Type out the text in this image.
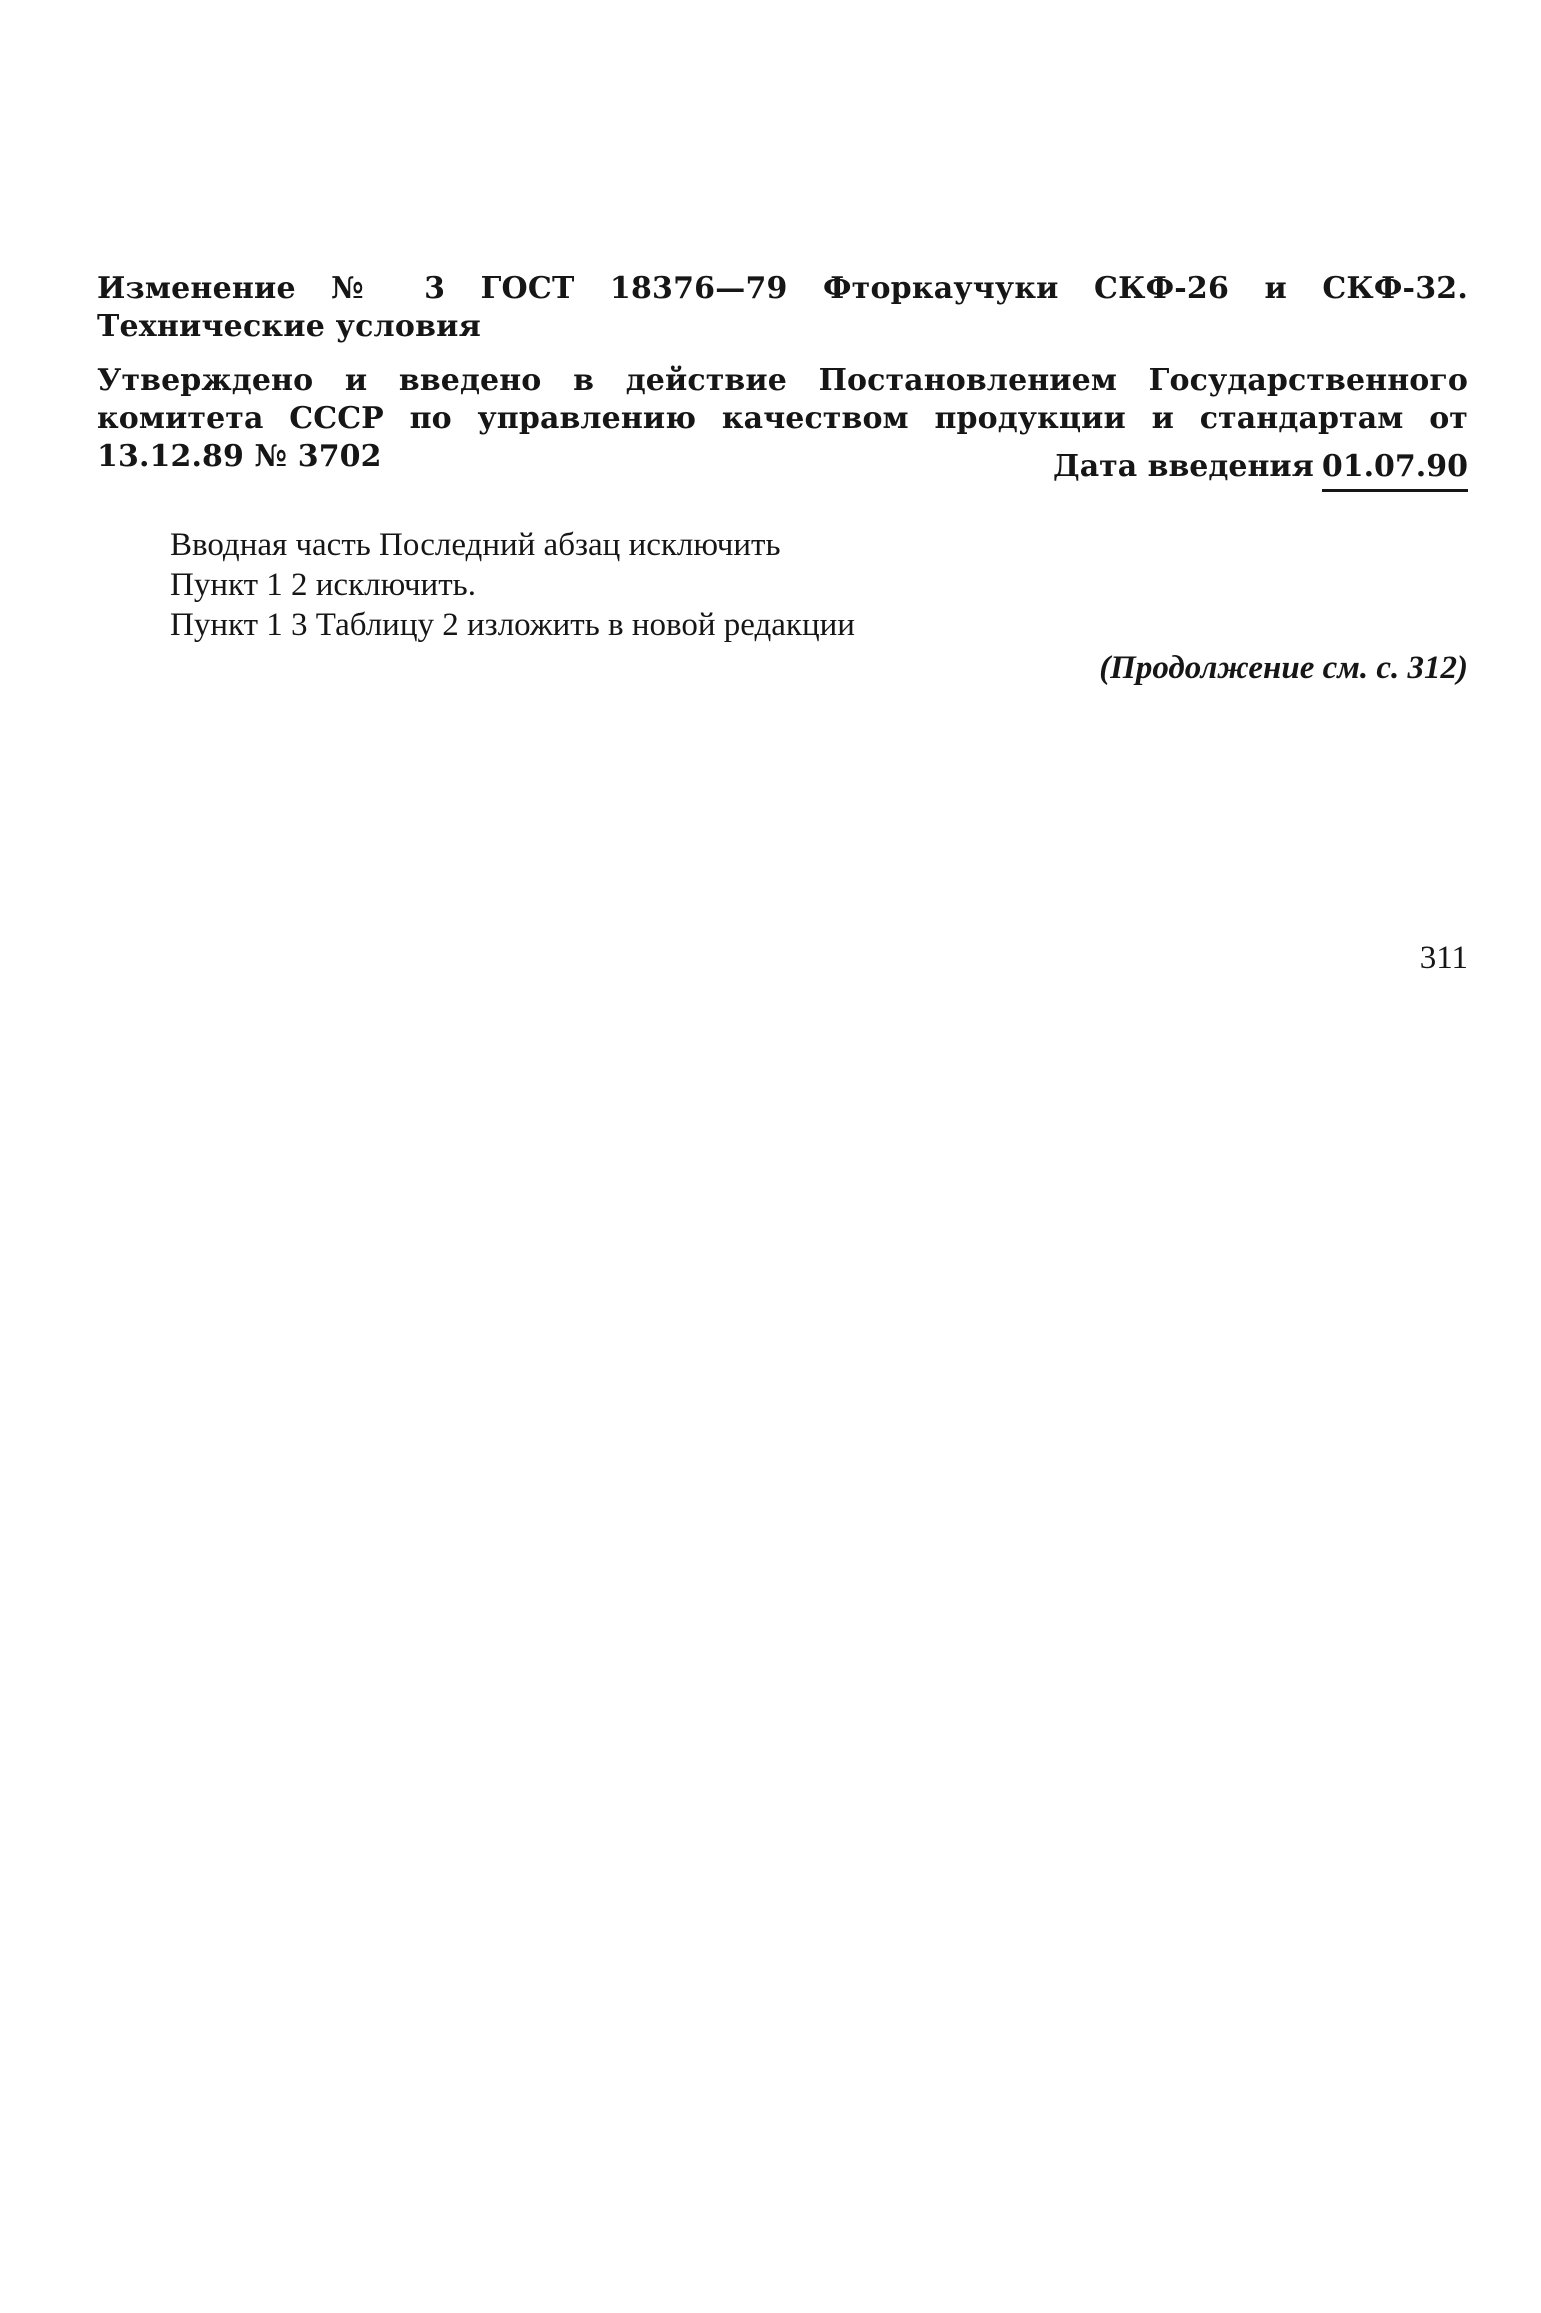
Изменение № 3 ГОСТ 18376—79 Фторкаучуки СКФ-26 и СКФ-32. Технические условия

Утверждено и введено в действие Постановлением Государственного комитета СССР по управлению качеством продукции и стандартам от 13.12.89 № 3702	Дата введения 01.07.90

Вводная часть Последний абзац исключить
Пункт 1 2 исключить.
Пункт 1 3 Таблицу 2 изложить в новой редакции

(Продолжение см. с. 312)

311
